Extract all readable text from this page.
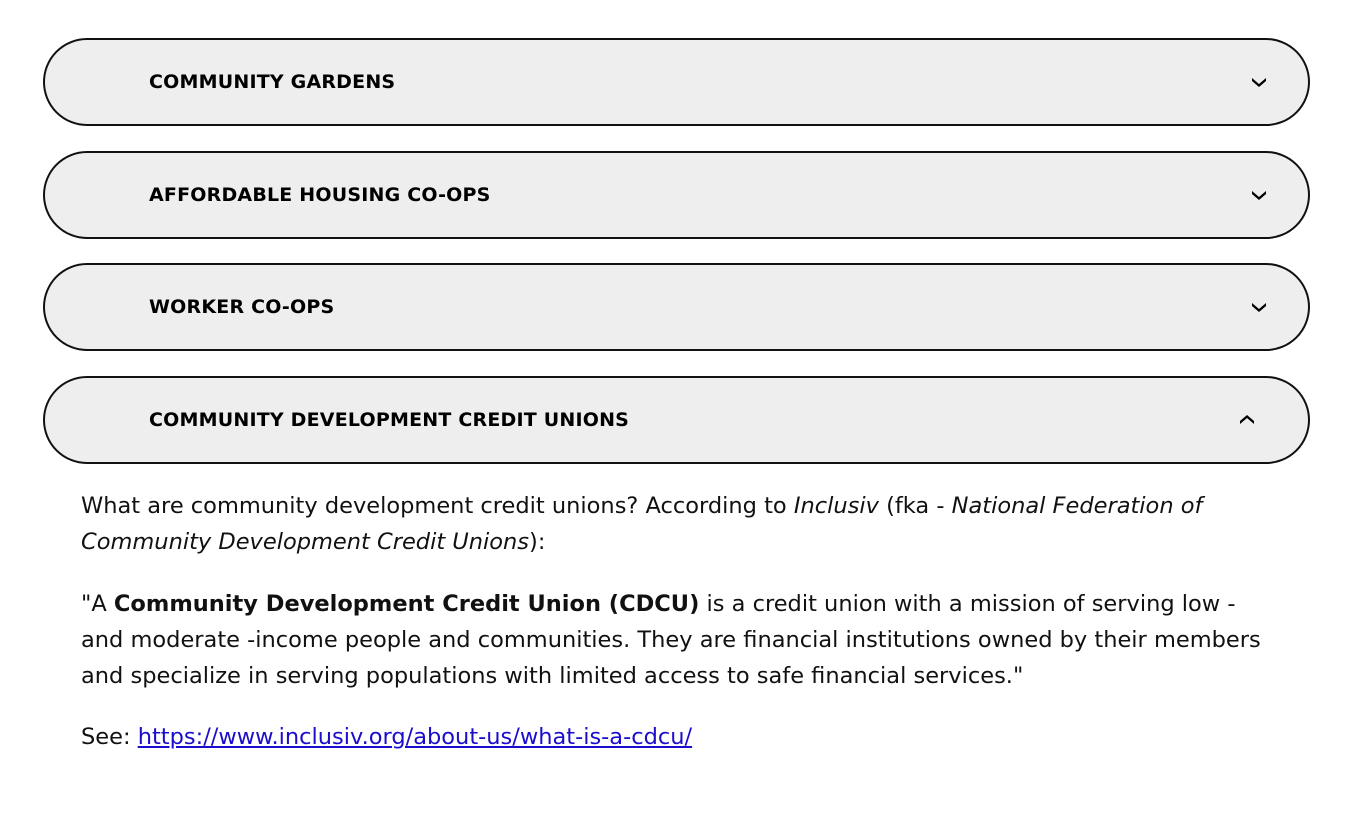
COMMUNITY GARDENS
AFFORDABLE HOUSING CO-OPS
WORKER CO-OPS
COMMUNITY DEVELOPMENT CREDIT UNIONS

What are community development credit unions? According to Inclusiv (fka - National Federation of Community Development Credit Unions):

"A Community Development Credit Union (CDCU) is a credit union with a mission of serving low - and moderate -income people and communities. They are financial institutions owned by their members and specialize in serving populations with limited access to safe financial services."

See: https://www.inclusiv.org/about-us/what-is-a-cdcu/
